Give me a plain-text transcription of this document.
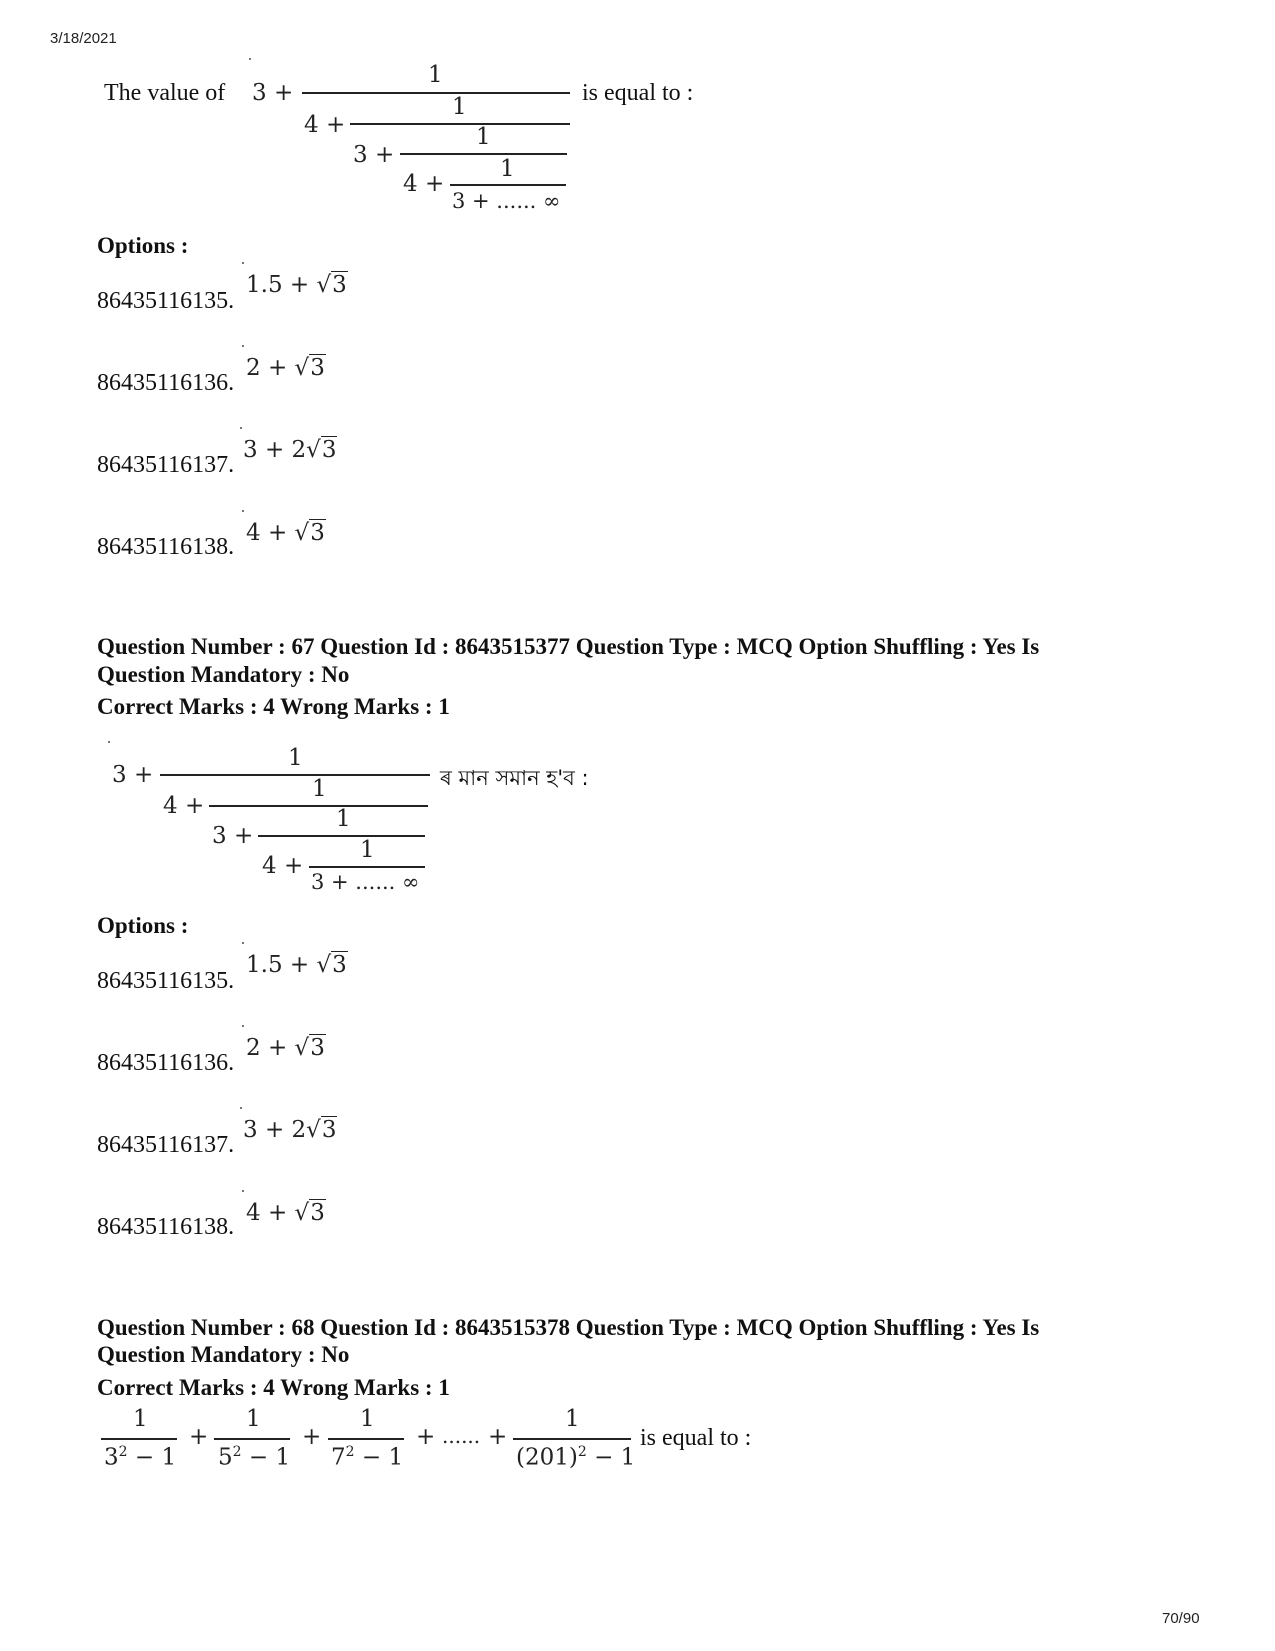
3/18/2021
70/90
The value of 3 +
1
4 +
1
3 +
1
4 +
1
3 + ...... ∞
is equal to :
Options :
86435116135.
1.5 + √3
86435116136.
2 + √3
86435116137.
3 + 2√3
86435116138.
4 + √3
Question Number : 67 Question Id : 8643515377 Question Type : MCQ Option Shuffling : Yes Is
Question Mandatory : No
Correct Marks : 4 Wrong Marks : 1
3 +
1
4 +
1
3 +
1
4 +
1
3 + ...... ∞
ৰ মান সমান হ'ব :
Options :
86435116135.
1.5 + √3
86435116136.
2 + √3
86435116137.
3 + 2√3
86435116138.
4 + √3
Question Number : 68 Question Id : 8643515378 Question Type : MCQ Option Shuffling : Yes Is
Question Mandatory : No
Correct Marks : 4 Wrong Marks : 1
1
$3^2 - 1$
+
1
$5^2 - 1$
+
1
$7^2 - 1$
+ ...... +
1
$(201)^2 - 1$
is equal to :
